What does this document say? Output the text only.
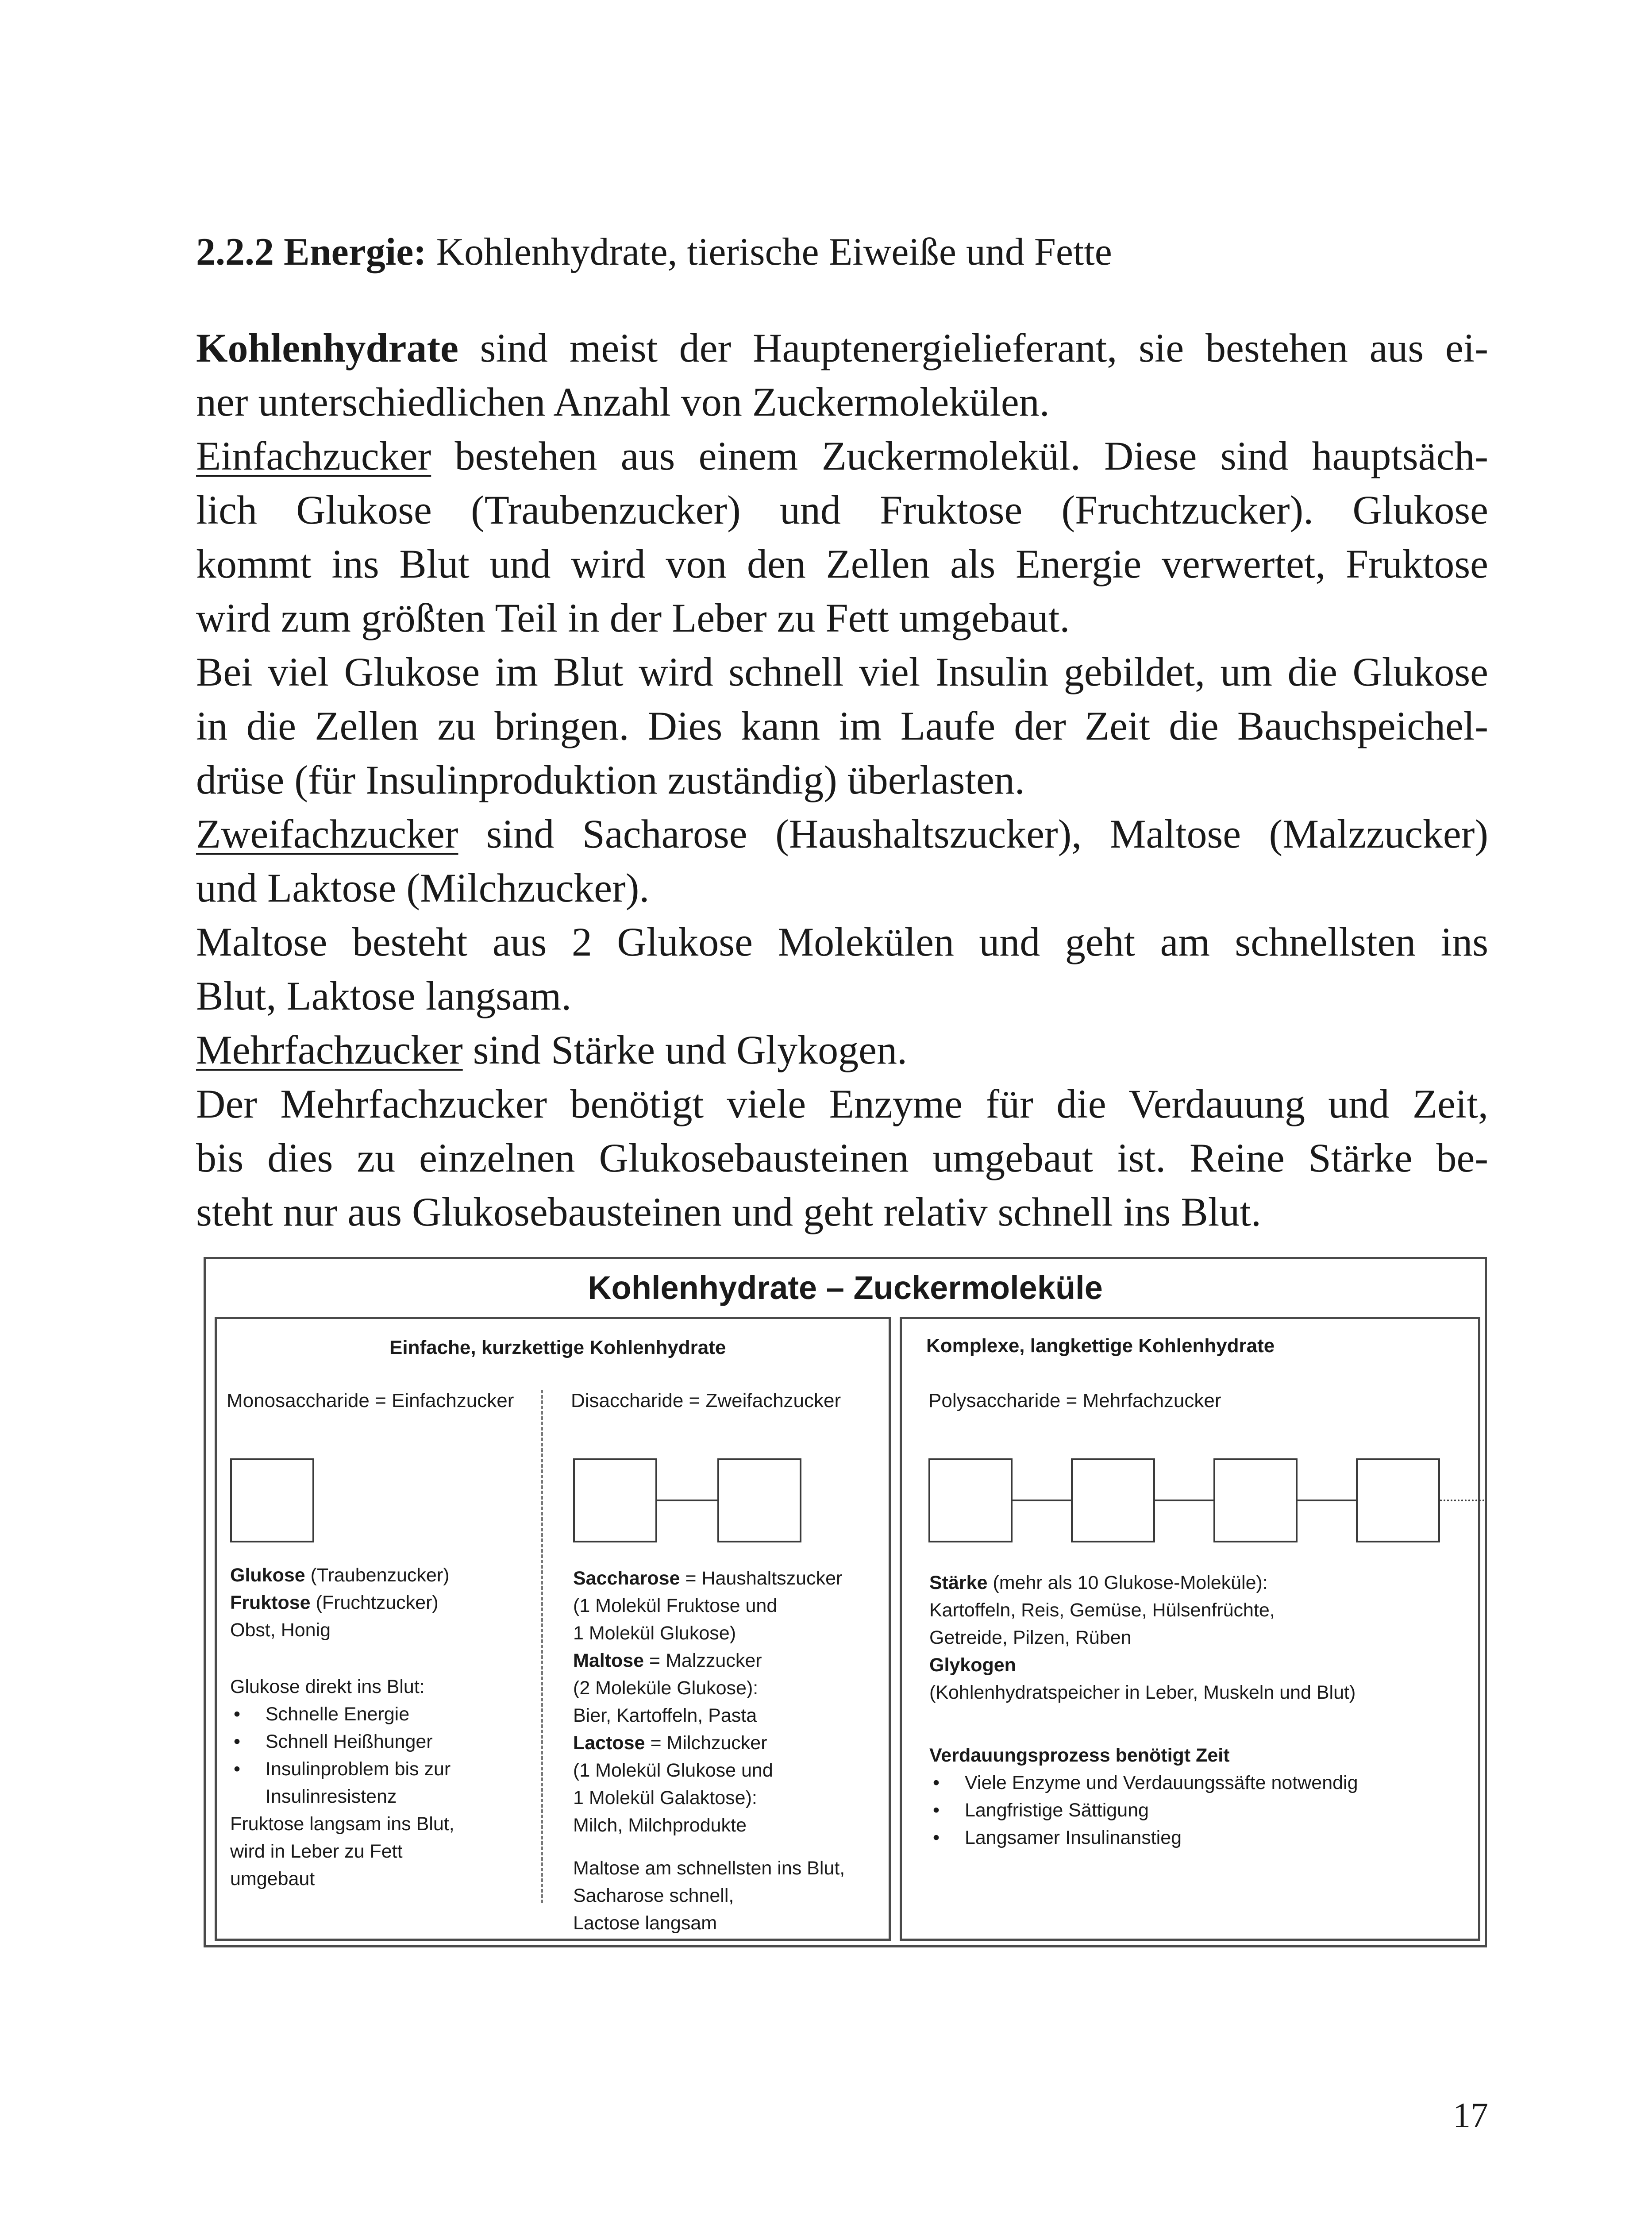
2.2.2 Energie: Kohlenhydrate, tierische Eiweiße und Fette
Kohlenhydrate sind meist der Hauptenergielieferant, sie bestehen aus ei-
ner unterschiedlichen Anzahl von Zuckermolekülen.
Einfachzucker bestehen aus einem Zuckermolekül. Diese sind hauptsäch-
lich Glukose (Traubenzucker) und Fruktose (Fruchtzucker). Glukose
kommt ins Blut und wird von den Zellen als Energie verwertet, Fruktose
wird zum größten Teil in der Leber zu Fett umgebaut.
Bei viel Glukose im Blut wird schnell viel Insulin gebildet, um die Glukose
in die Zellen zu bringen. Dies kann im Laufe der Zeit die Bauchspeichel-
drüse (für Insulinproduktion zuständig) überlasten.
Zweifachzucker sind Sacharose (Haushaltszucker), Maltose (Malzzucker)
und Laktose (Milchzucker).
Maltose besteht aus 2 Glukose Molekülen und geht am schnellsten ins
Blut, Laktose langsam.
Mehrfachzucker sind Stärke und Glykogen.
Der Mehrfachzucker benötigt viele Enzyme für die Verdauung und Zeit,
bis dies zu einzelnen Glukosebausteinen umgebaut ist. Reine Stärke be-
steht nur aus Glukosebausteinen und geht relativ schnell ins Blut.
Kohlenhydrate – Zuckermoleküle
Einfache, kurzkettige Kohlenhydrate
Monosaccharide = Einfachzucker	Disaccharide = Zweifachzucker
Glukose (Traubenzucker)
Fruktose (Fruchtzucker)
Obst, Honig
Glukose direkt ins Blut:
• Schnelle Energie
• Schnell Heißhunger
• Insulinproblem bis zur
Insulinresistenz
Fruktose langsam ins Blut,
wird in Leber zu Fett
umgebaut
Saccharose = Haushaltszucker
(1 Molekül Fruktose und
1 Molekül Glukose)
Maltose = Malzzucker
(2 Moleküle Glukose):
Bier, Kartoffeln, Pasta
Lactose = Milchzucker
(1 Molekül Glukose und
1 Molekül Galaktose):
Milch, Milchprodukte
Maltose am schnellsten ins Blut,
Sacharose schnell,
Lactose langsam
Komplexe, langkettige Kohlenhydrate
Polysaccharide = Mehrfachzucker
Stärke (mehr als 10 Glukose-Moleküle):
Kartoffeln, Reis, Gemüse, Hülsenfrüchte,
Getreide, Pilzen, Rüben
Glykogen
(Kohlenhydratspeicher in Leber, Muskeln und Blut)
Verdauungsprozess benötigt Zeit
• Viele Enzyme und Verdauungssäfte notwendig
• Langfristige Sättigung
• Langsamer Insulinanstieg
17
